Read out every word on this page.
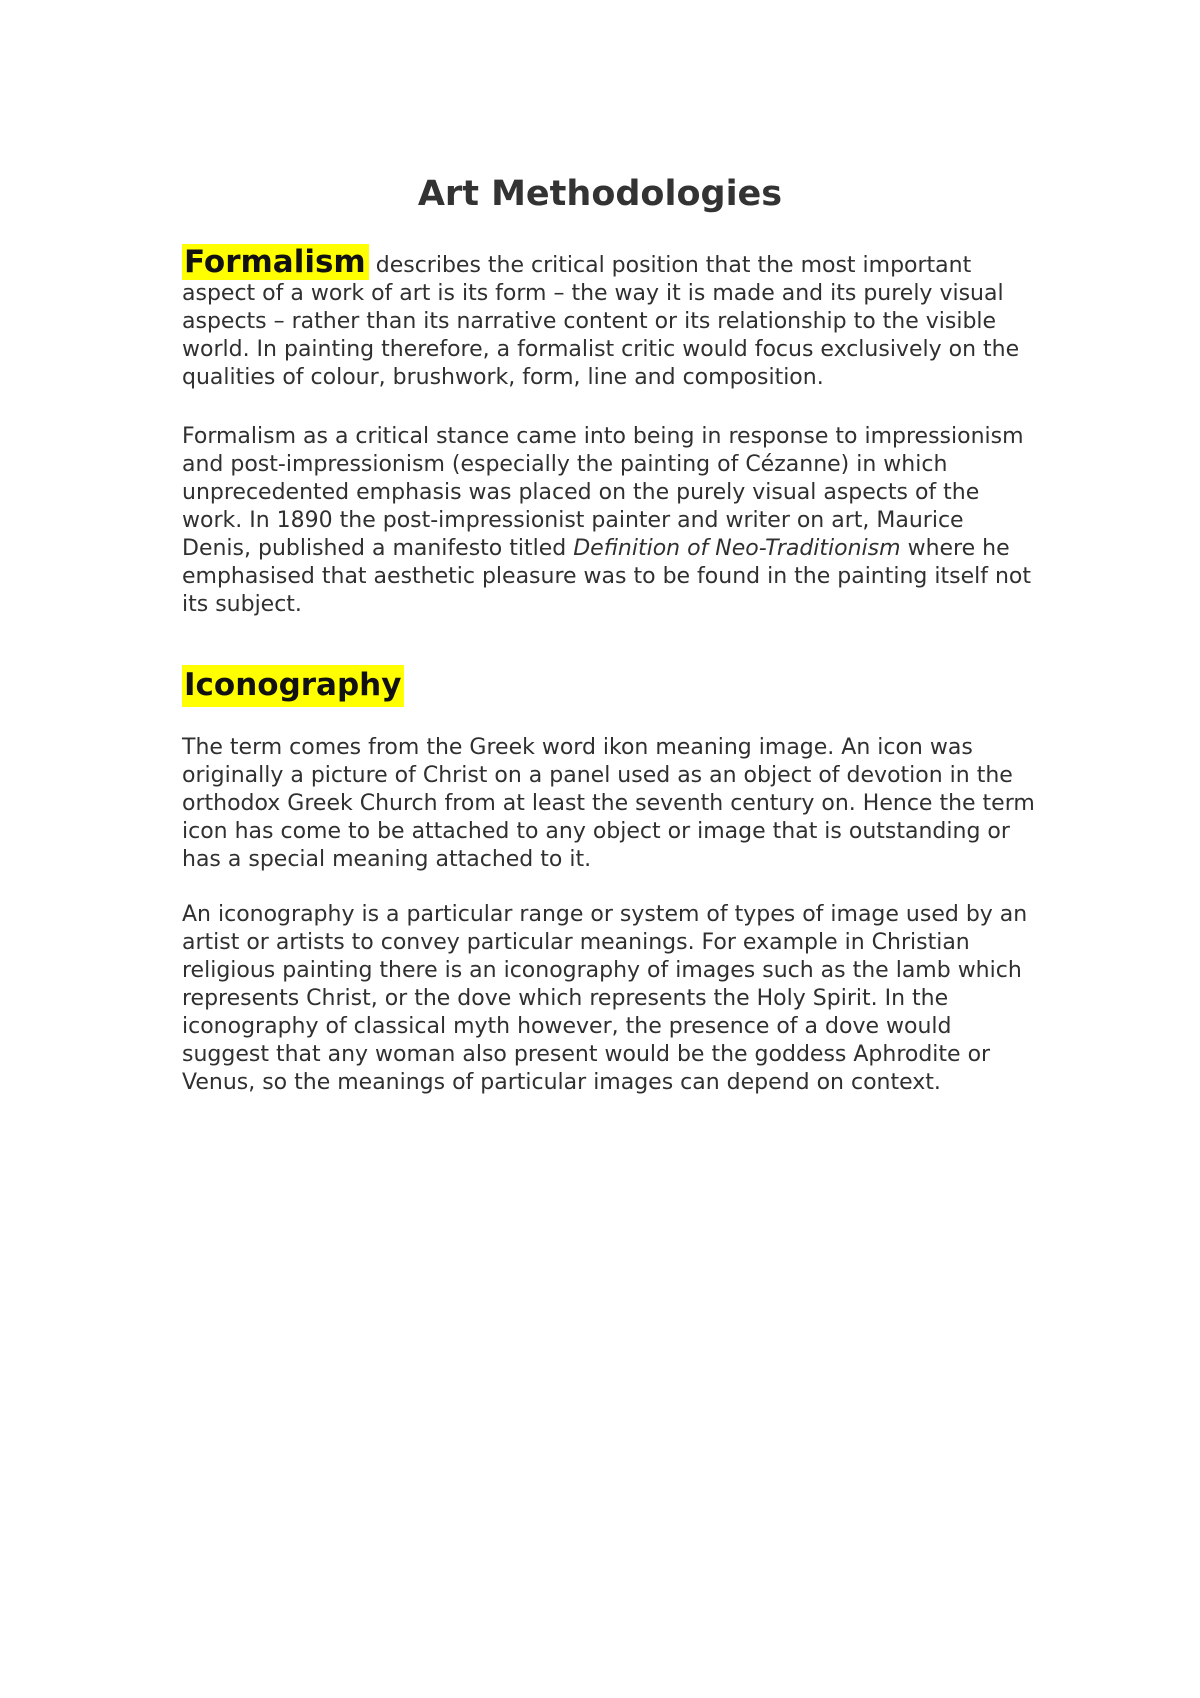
Art Methodologies

Formalism describes the critical position that the most important aspect of a work of art is its form – the way it is made and its purely visual aspects – rather than its narrative content or its relationship to the visible world. In painting therefore, a formalist critic would focus exclusively on the qualities of colour, brushwork, form, line and composition.

Formalism as a critical stance came into being in response to impressionism and post-impressionism (especially the painting of Cézanne) in which unprecedented emphasis was placed on the purely visual aspects of the work. In 1890 the post-impressionist painter and writer on art, Maurice Denis, published a manifesto titled Definition of Neo-Traditionism where he emphasised that aesthetic pleasure was to be found in the painting itself not its subject.

Iconography

The term comes from the Greek word ikon meaning image. An icon was originally a picture of Christ on a panel used as an object of devotion in the orthodox Greek Church from at least the seventh century on. Hence the term icon has come to be attached to any object or image that is outstanding or has a special meaning attached to it.

An iconography is a particular range or system of types of image used by an artist or artists to convey particular meanings. For example in Christian religious painting there is an iconography of images such as the lamb which represents Christ, or the dove which represents the Holy Spirit. In the iconography of classical myth however, the presence of a dove would suggest that any woman also present would be the goddess Aphrodite or Venus, so the meanings of particular images can depend on context.
